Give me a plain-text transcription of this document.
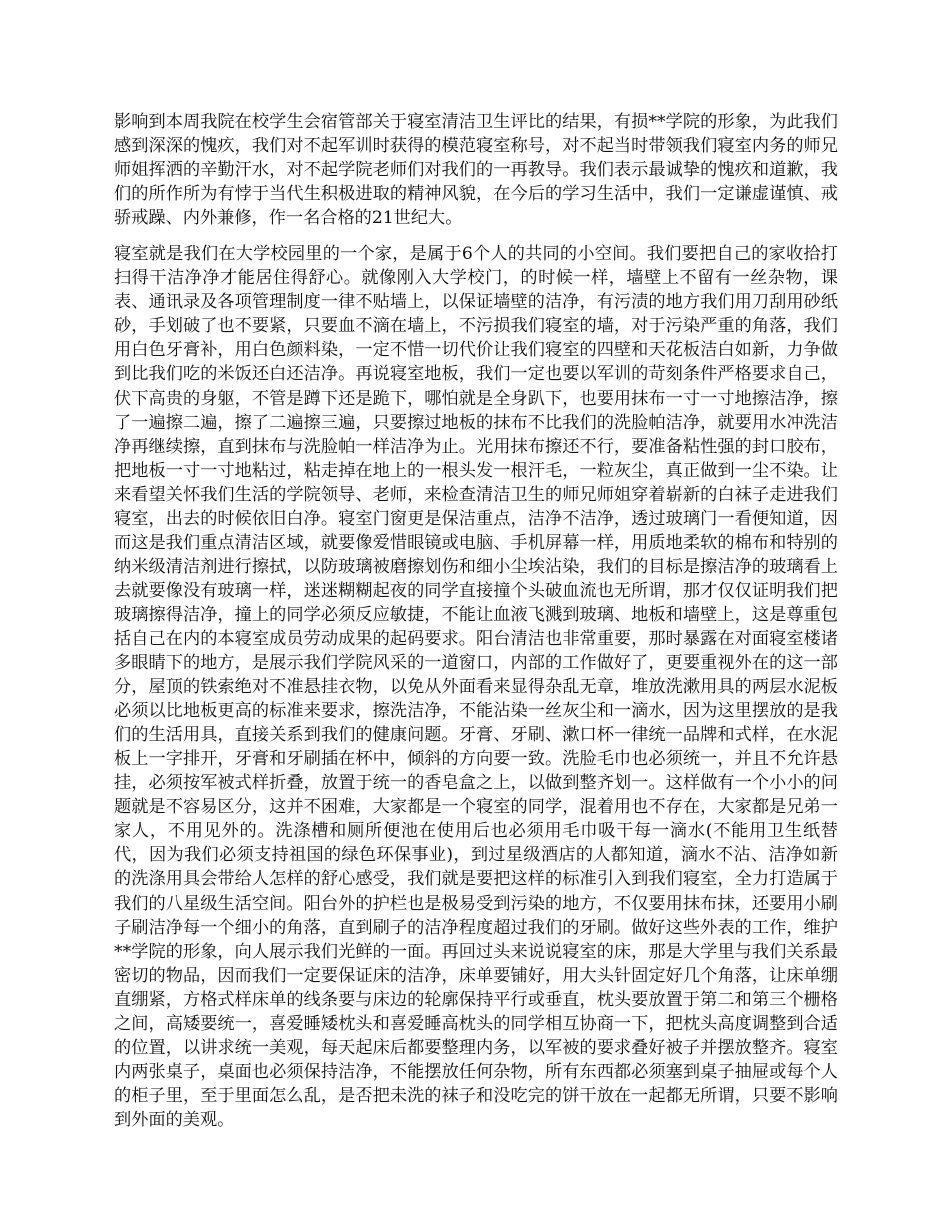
影响到本周我院在校学生会宿管部关于寝室清洁卫生评比的结果，有损**学院的形象，为此我们感到深深的愧疚，我们对不起军训时获得的模范寝室称号，对不起当时带领我们寝室内务的师兄师姐挥洒的辛勤汗水，对不起学院老师们对我们的一再教导。我们表示最诚挚的愧疚和道歉，我们的所作所为有悖于当代生积极进取的精神风貌，在今后的学习生活中，我们一定谦虚谨慎、戒骄戒躁、内外兼修，作一名合格的21世纪大。

寝室就是我们在大学校园里的一个家，是属于6个人的共同的小空间。我们要把自己的家收拾打扫得干洁净净才能居住得舒心。就像刚入大学校门，的时候一样，墙壁上不留有一丝杂物，课表、通讯录及各项管理制度一律不贴墙上，以保证墙壁的洁净，有污渍的地方我们用刀刮用砂纸砂，手划破了也不要紧，只要血不滴在墙上，不污损我们寝室的墙，对于污染严重的角落，我们用白色牙膏补，用白色颜料染，一定不惜一切代价让我们寝室的四壁和天花板洁白如新，力争做到比我们吃的米饭还白还洁净。再说寝室地板，我们一定也要以军训的苛刻条件严格要求自己，伏下高贵的身躯，不管是蹲下还是跪下，哪怕就是全身趴下，也要用抹布一寸一寸地擦洁净，擦了一遍擦二遍，擦了二遍擦三遍，只要擦过地板的抹布不比我们的洗脸帕洁净，就要用水冲洗洁净再继续擦，直到抹布与洗脸帕一样洁净为止。光用抹布擦还不行，要准备粘性强的封口胶布，把地板一寸一寸地粘过，粘走掉在地上的一根头发一根汗毛，一粒灰尘，真正做到一尘不染。让来看望关怀我们生活的学院领导、老师，来检查清洁卫生的师兄师姐穿着崭新的白袜子走进我们寝室，出去的时候依旧白净。寝室门窗更是保洁重点，洁净不洁净，透过玻璃门一看便知道，因而这是我们重点清洁区域，就要像爱惜眼镜或电脑、手机屏幕一样，用质地柔软的棉布和特别的纳米级清洁剂进行擦拭，以防玻璃被磨擦划伤和细小尘埃沾染，我们的目标是擦洁净的玻璃看上去就要像没有玻璃一样，迷迷糊糊起夜的同学直接撞个头破血流也无所谓，那才仅仅证明我们把玻璃擦得洁净，撞上的同学必须反应敏捷，不能让血液飞溅到玻璃、地板和墙壁上，这是尊重包括自己在内的本寝室成员劳动成果的起码要求。阳台清洁也非常重要，那时暴露在对面寝室楼诸多眼睛下的地方，是展示我们学院风采的一道窗口，内部的工作做好了，更要重视外在的这一部分，屋顶的铁索绝对不准悬挂衣物，以免从外面看来显得杂乱无章，堆放洗漱用具的两层水泥板必须以比地板更高的标准来要求，擦洗洁净，不能沾染一丝灰尘和一滴水，因为这里摆放的是我们的生活用具，直接关系到我们的健康问题。牙膏、牙刷、漱口杯一律统一品牌和式样，在水泥板上一字排开，牙膏和牙刷插在杯中，倾斜的方向要一致。洗脸毛巾也必须统一，并且不允许悬挂，必须按军被式样折叠，放置于统一的香皂盒之上，以做到整齐划一。这样做有一个小小的问题就是不容易区分，这并不困难，大家都是一个寝室的同学，混着用也不存在，大家都是兄弟一家人，不用见外的。洗涤槽和厕所便池在使用后也必须用毛巾吸干每一滴水(不能用卫生纸替代，因为我们必须支持祖国的绿色环保事业)，到过星级酒店的人都知道，滴水不沾、洁净如新的洗涤用具会带给人怎样的舒心感受，我们就是要把这样的标准引入到我们寝室，全力打造属于我们的八星级生活空间。阳台外的护栏也是极易受到污染的地方，不仅要用抹布抹，还要用小刷子刷洁净每一个细小的角落，直到刷子的洁净程度超过我们的牙刷。做好这些外表的工作，维护**学院的形象，向人展示我们光鲜的一面。再回过头来说说寝室的床，那是大学里与我们关系最密切的物品，因而我们一定要保证床的洁净，床单要铺好，用大头针固定好几个角落，让床单绷直绷紧，方格式样床单的线条要与床边的轮廓保持平行或垂直，枕头要放置于第二和第三个栅格之间，高矮要统一，喜爱睡矮枕头和喜爱睡高枕头的同学相互协商一下，把枕头高度调整到合适的位置，以讲求统一美观，每天起床后都要整理内务，以军被的要求叠好被子并摆放整齐。寝室内两张桌子，桌面也必须保持洁净，不能摆放任何杂物，所有东西都必须塞到桌子抽屉或每个人的柜子里，至于里面怎么乱，是否把未洗的袜子和没吃完的饼干放在一起都无所谓，只要不影响到外面的美观。
